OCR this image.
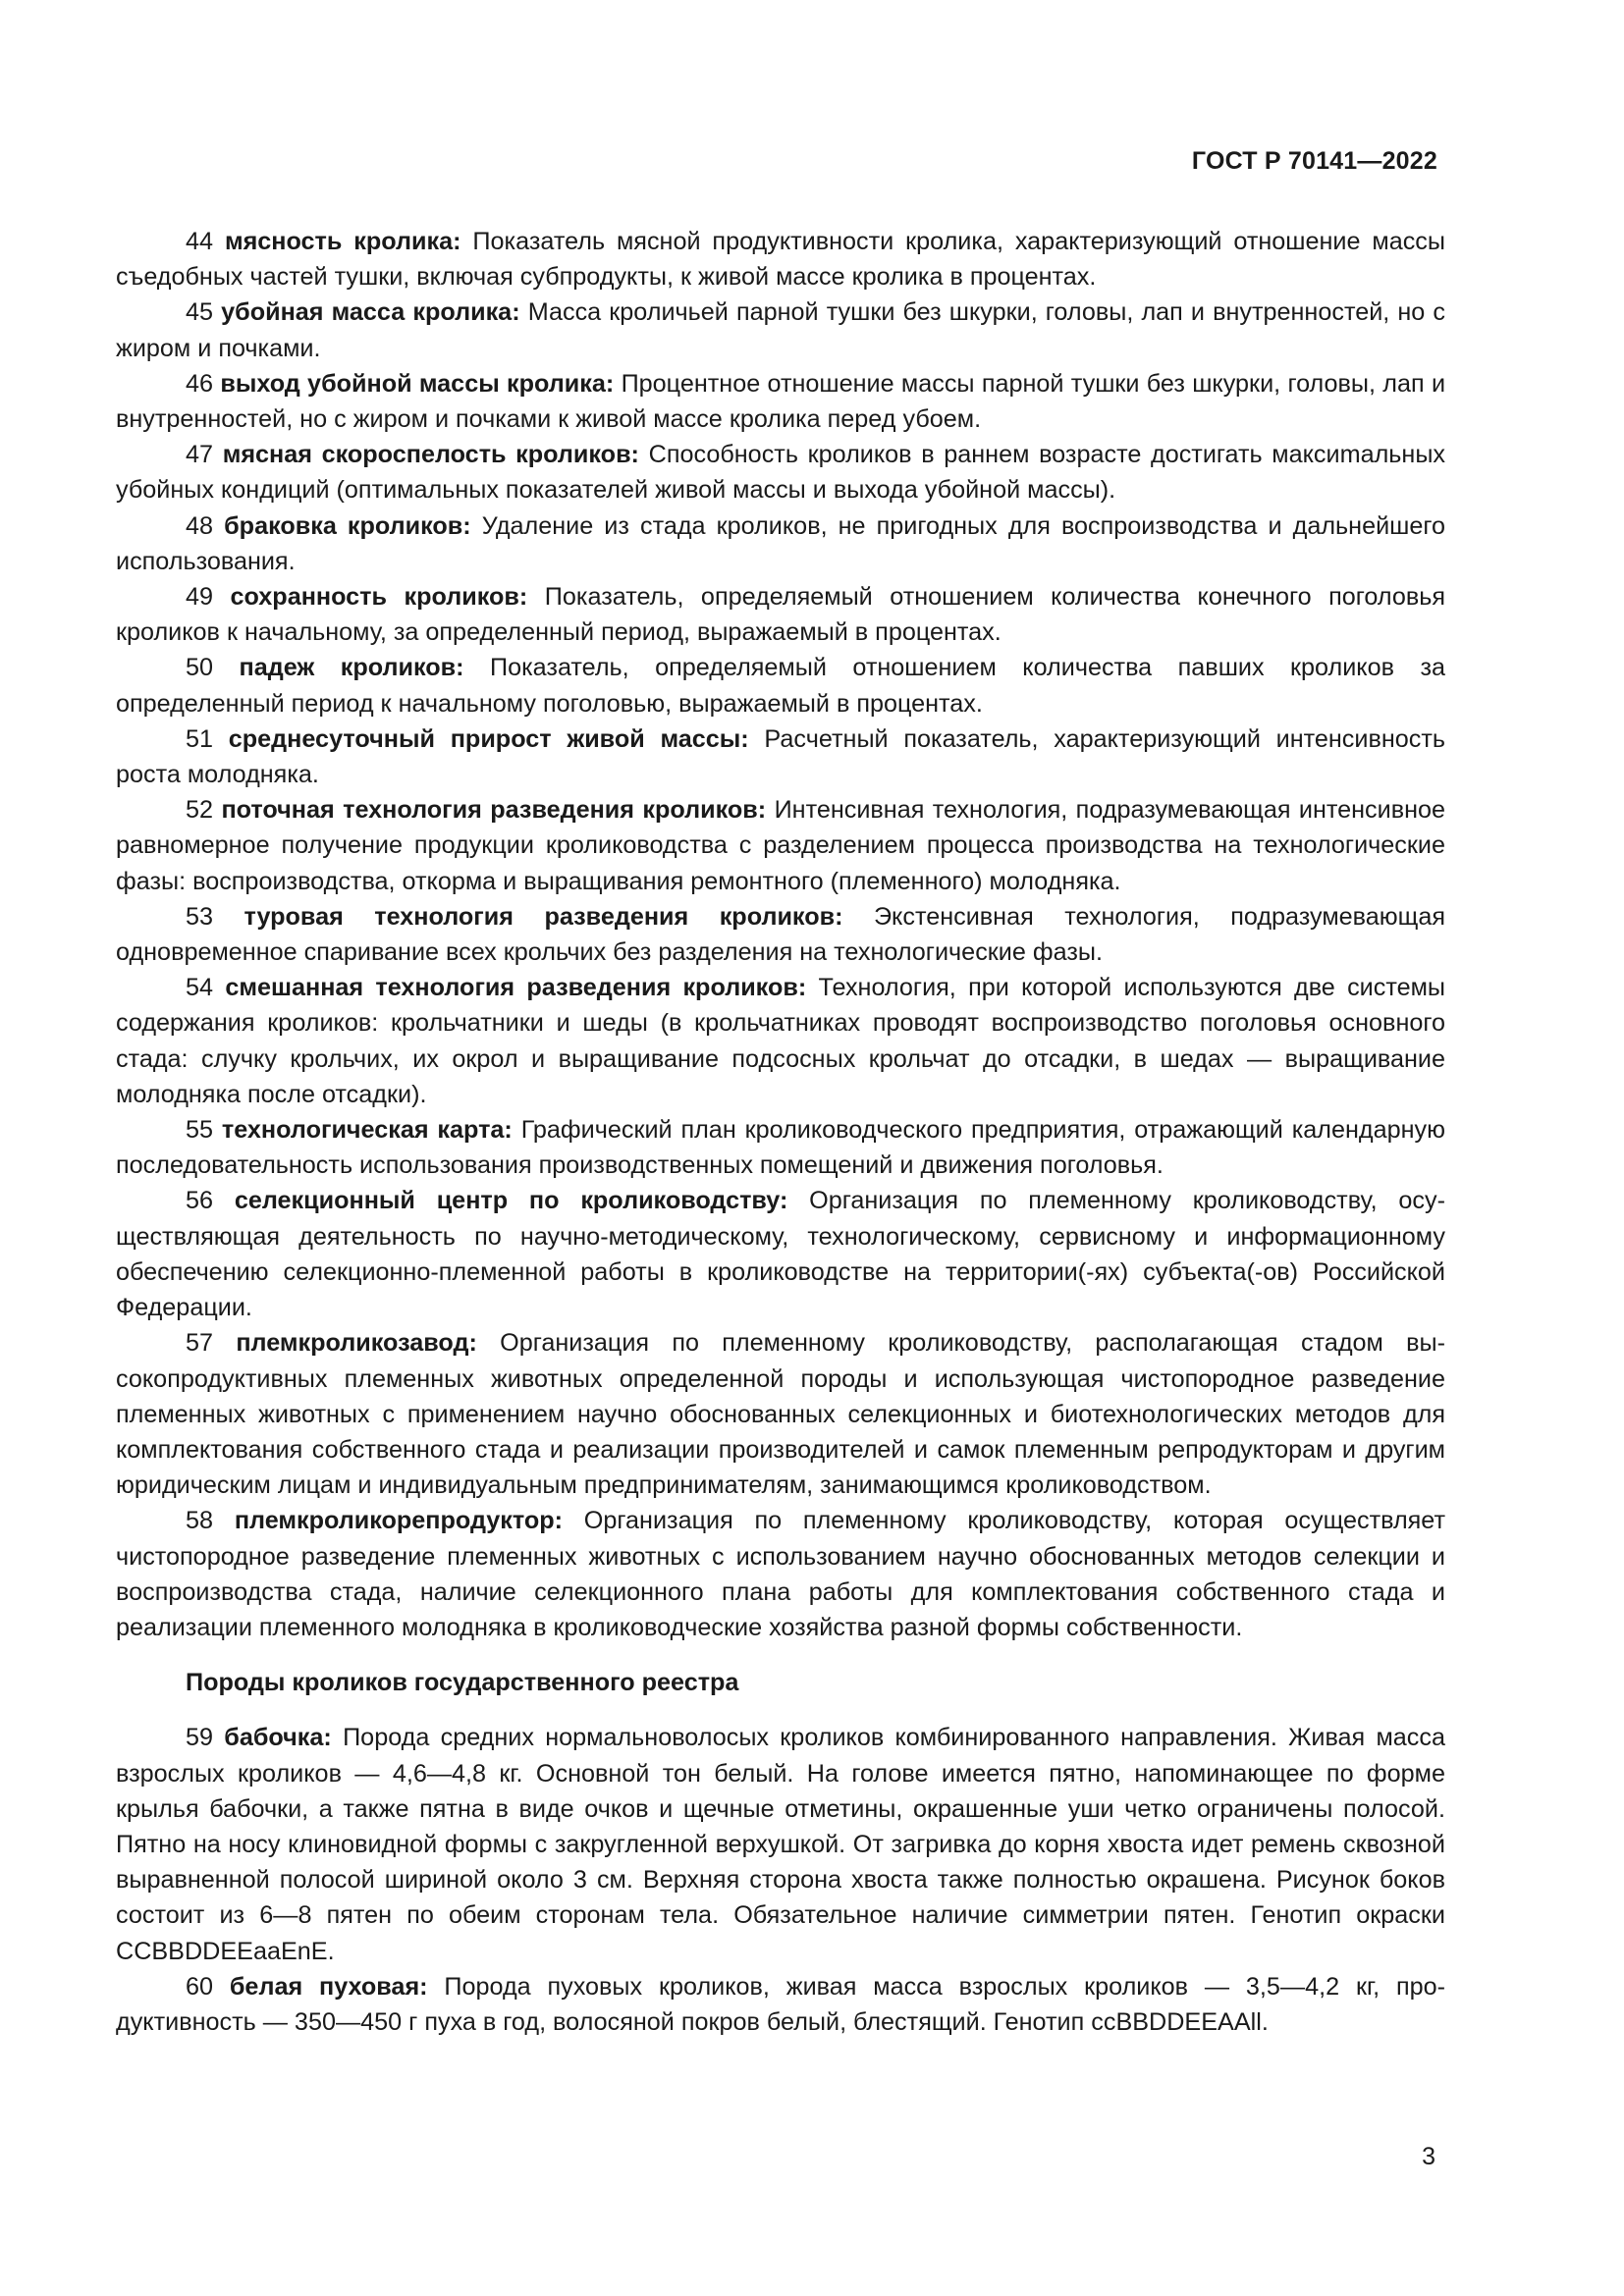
ГОСТ Р 70141—2022

44 мясность кролика: Показатель мясной продуктивности кролика, характеризующий отношение массы съедобных частей тушки, включая субпродукты, к живой массе кролика в процентах.

45 убойная масса кролика: Масса кроличьей парной тушки без шкурки, головы, лап и внутренностей, но с жиром и почками.

46 выход убойной массы кролика: Процентное отношение массы парной тушки без шкурки, головы, лап и внутренностей, но с жиром и почками к живой массе кролика перед убоем.

47 мясная скороспелость кроликов: Способность кроликов в раннем возрасте достигать максиmальных убойных кондиций (оптимальных показателей живой массы и выхода убойной массы).

48 браковка кроликов: Удаление из стада кроликов, не пригодных для воспроизводства и дальнейшего использования.

49 сохранность кроликов: Показатель, определяемый отношением количества конечного поголовья кроликов к начальному, за определенный период, выражаемый в процентах.

50 падеж кроликов: Показатель, определяемый отношением количества павших кроликов за определенный период к начальному поголовью, выражаемый в процентах.

51 среднесуточный прирост живой массы: Расчетный показатель, характеризующий интенсивность роста молодняка.

52 поточная технология разведения кроликов: Интенсивная технология, подразумевающая интенсивное равномерное получение продукции кролиководства с разделением процесса производства на технологические фазы: воспроизводства, откорма и выращивания ремонтного (племенного) молодняка.

53 туровая технология разведения кроликов: Экстенсивная технология, подразумевающая одновременное спаривание всех крольчих без разделения на технологические фазы.

54 смешанная технология разведения кроликов: Технология, при которой используются две системы содержания кроликов: крольчатники и шеды (в крольчатниках проводят воспроизводство поголовья основного стада: случку крольчих, их окрол и выращивание подсосных крольчат до отсадки, в шедах — выращивание молодняка после отсадки).

55 технологическая карта: Графический план кролиководческого предприятия, отражающий календарную последовательность использования производственных помещений и движения поголовья.

56 селекционный центр по кролиководству: Организация по племенному кролиководству, осуществляющая деятельность по научно-методическому, технологическому, сервисному и информационному обеспечению селекционно-племенной работы в кролиководстве на территории(-ях) субъекта(-ов) Российской Федерации.

57 племкроликозавод: Организация по племенному кролиководству, располагающая стадом высокопродуктивных племенных животных определенной породы и использующая чистопородное разведение племенных животных с применением научно обоснованных селекционных и биотехнологических методов для комплектования собственного стада и реализации производителей и самок племенным репродукторам и другим юридическим лицам и индивидуальным предпринимателям, занимающимся кролиководством.

58 племкроликорепродуктор: Организация по племенному кролиководству, которая осуществляет чистопородное разведение племенных животных с использованием научно обоснованных методов селекции и воспроизводства стада, наличие селекционного плана работы для комплектования собственного стада и реализации племенного молодняка в кролиководческие хозяйства разной формы собственности.

Породы кроликов государственного реестра

59 бабочка: Порода средних нормальноволосых кроликов комбинированного направления. Живая масса взрослых кроликов — 4,6—4,8 кг. Основной тон белый. На голове имеется пятно, напоминающее по форме крылья бабочки, а также пятна в виде очков и щечные отметины, окрашенные уши четко ограничены полосой. Пятно на носу клиновидной формы с закругленной верхушкой. От загривка до корня хвоста идет ремень сквозной выравненной полосой шириной около 3 см. Верхняя сторона хвоста также полностью окрашена. Рисунок боков состоит из 6—8 пятен по обеим сторонам тела. Обязательное наличие симметрии пятен. Генотип окраски CCBBDDEEaaEnE.

60 белая пуховая: Порода пуховых кроликов, живая масса взрослых кроликов — 3,5—4,2 кг, продуктивность — 350—450 г пуха в год, волосяной покров белый, блестящий. Генотип ccBBDDEEAAll.

3
